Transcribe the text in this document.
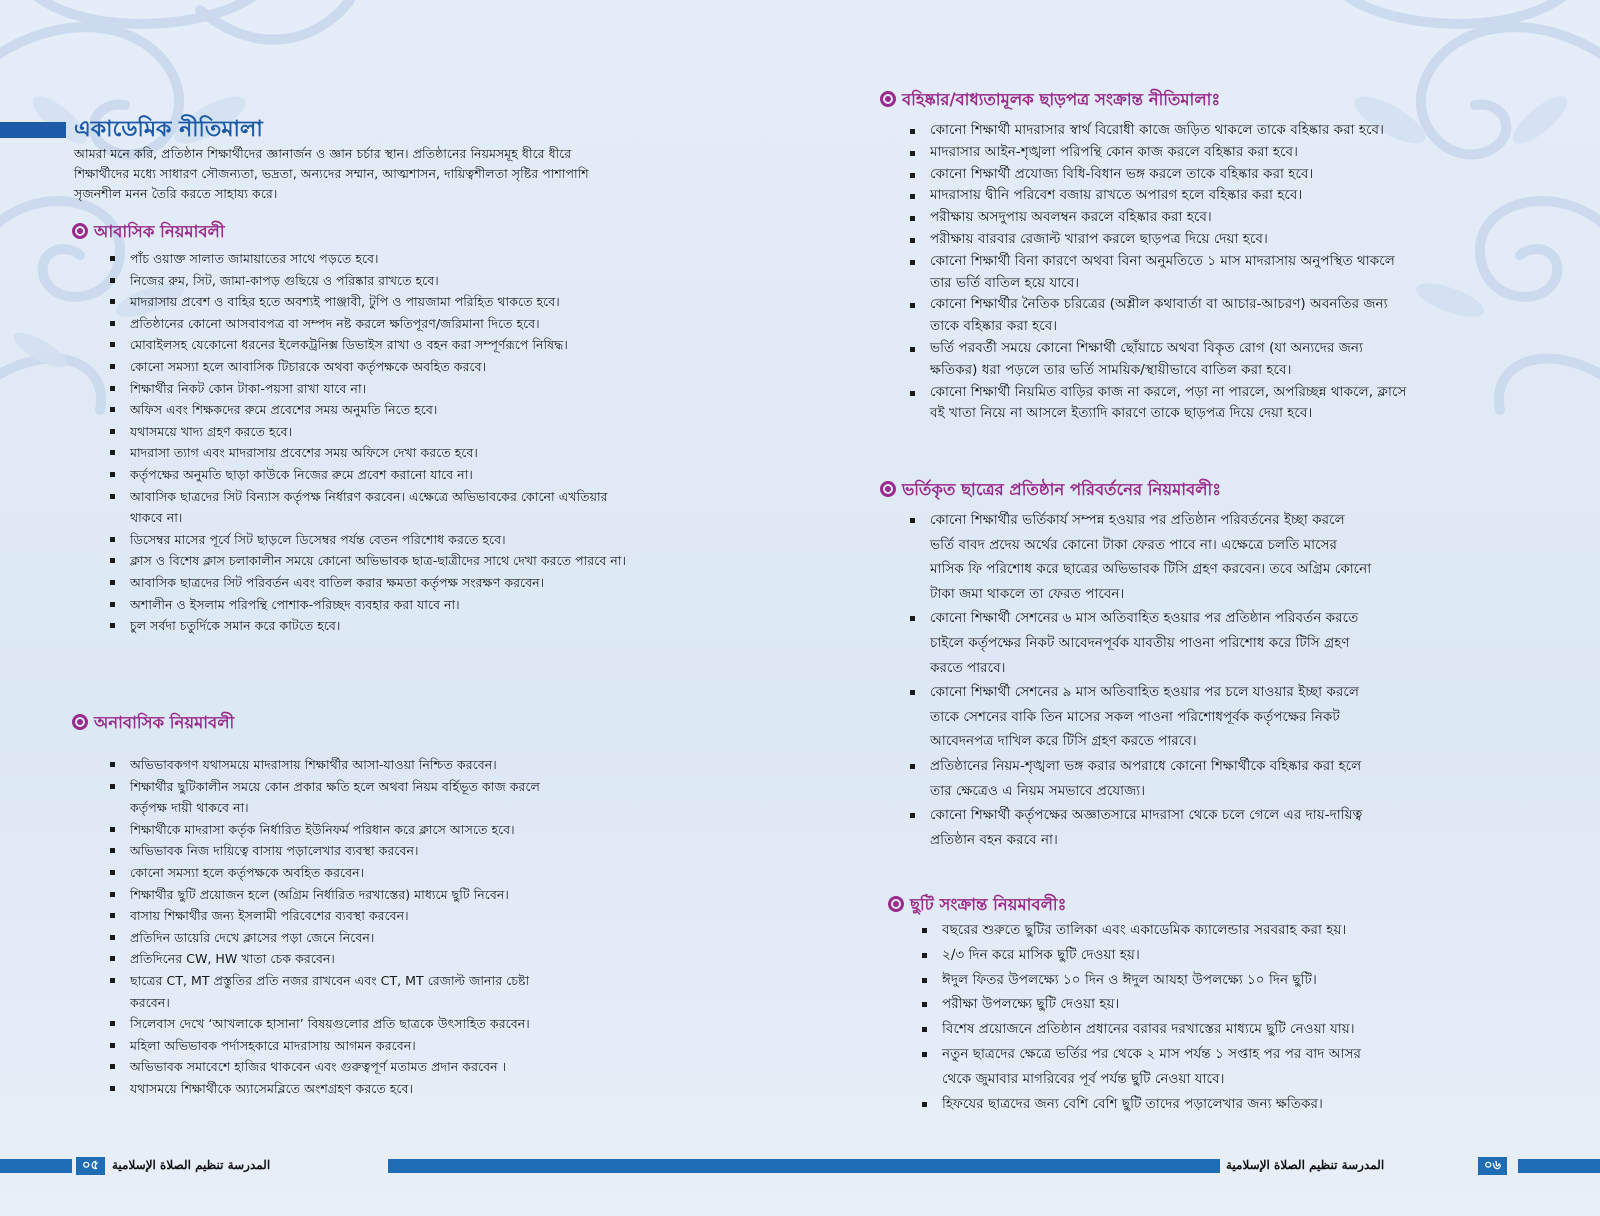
একাডেমিক নীতিমালা
আমরা মনে করি, প্রতিষ্ঠান শিক্ষার্থীদের জ্ঞানার্জন ও জ্ঞান চর্চার স্থান। প্রতিষ্ঠানের নিয়মসমূহ ধীরে ধীরে
শিক্ষার্থীদের মধ্যে সাধারণ সৌজন্যতা, ভদ্রতা, অন্যদের সম্মান, আত্মশাসন, দায়িত্বশীলতা সৃষ্টির পাশাপাশি
সৃজনশীল মনন তৈরি করতে সাহায্য করে।
আবাসিক নিয়মাবলী
পাঁচ ওয়াক্ত সালাত জামায়াতের সাথে পড়তে হবে।
নিজের রুম, সিট, জামা-কাপড় গুছিয়ে ও পরিষ্কার রাখতে হবে।
মাদরাসায় প্রবেশ ও বাহির হতে অবশ্যই পাঞ্জাবী, টুপি ও পায়জামা পরিহিত থাকতে হবে।
প্রতিষ্ঠানের কোনো আসবাবপত্র বা সম্পদ নষ্ট করলে ক্ষতিপূরণ/জরিমানা দিতে হবে।
মোবাইলসহ যেকোনো ধরনের ইলেকট্রনিক্স ডিভাইস রাখা ও বহন করা সম্পূর্ণরূপে নিষিদ্ধ।
কোনো সমস্যা হলে আবাসিক টিচারকে অথবা কর্তৃপক্ষকে অবহিত করবে।
শিক্ষার্থীর নিকট কোন টাকা-পয়সা রাখা যাবে না।
অফিস এবং শিক্ষকদের রুমে প্রবেশের সময় অনুমতি নিতে হবে।
যথাসময়ে খাদ্য গ্রহণ করতে হবে।
মাদরাসা ত্যাগ এবং মাদরাসায় প্রবেশের সময় অফিসে দেখা করতে হবে।
কর্তৃপক্ষের অনুমতি ছাড়া কাউকে নিজের রুমে প্রবেশ করানো যাবে না।
আবাসিক ছাত্রদের সিট বিন্যাস কর্তৃপক্ষ নির্ধারণ করবেন। এক্ষেত্রে অভিভাবকের কোনো এখতিয়ার
থাকবে না।
ডিসেম্বর মাসের পূর্বে সিট ছাড়লে ডিসেম্বর পর্যন্ত বেতন পরিশোধ করতে হবে।
ক্লাস ও বিশেষ ক্লাস চলাকালীন সময়ে কোনো অভিভাবক ছাত্র-ছাত্রীদের সাথে দেখা করতে পারবে না।
আবাসিক ছাত্রদের সিট পরিবর্তন এবং বাতিল করার ক্ষমতা কর্তৃপক্ষ সংরক্ষণ করবেন।
অশালীন ও ইসলাম পরিপন্থি পোশাক-পরিচ্ছদ ব্যবহার করা যাবে না।
চুল সর্বদা চতুর্দিকে সমান করে কাটতে হবে।
অনাবাসিক নিয়মাবলী
অভিভাবকগণ যথাসময়ে মাদরাসায় শিক্ষার্থীর আসা-যাওয়া নিশ্চিত করবেন।
শিক্ষার্থীর ছুটিকালীন সময়ে কোন প্রকার ক্ষতি হলে অথবা নিয়ম বর্হিভূত কাজ করলে
কর্তৃপক্ষ দায়ী থাকবে না।
শিক্ষার্থীকে মাদরাসা কর্তৃক নির্ধারিত ইউনিফর্ম পরিধান করে ক্লাসে আসতে হবে।
অভিভাবক নিজ দায়িত্বে বাসায় পড়ালেখার ব্যবস্থা করবেন।
কোনো সমস্যা হলে কর্তৃপক্ষকে অবহিত করবেন।
শিক্ষার্থীর ছুটি প্রয়োজন হলে (অগ্রিম নির্ধারিত দরখাস্তের) মাধ্যমে ছুটি নিবেন।
বাসায় শিক্ষার্থীর জন্য ইসলামী পরিবেশের ব্যবস্থা করবেন।
প্রতিদিন ডায়েরি দেখে ক্লাসের পড়া জেনে নিবেন।
প্রতিদিনের CW, HW খাতা চেক করবেন।
ছাত্রের CT, MT প্রস্তুতির প্রতি নজর রাখবেন এবং CT, MT রেজাল্ট জানার চেষ্টা
করবেন।
সিলেবাস দেখে ‘আখলাকে হাসানা’ বিষয়গুলোর প্রতি ছাত্রকে উৎসাহিত করবেন।
মহিলা অভিভাবক পর্দাসহকারে মাদরাসায় আগমন করবেন।
অভিভাবক সমাবেশে হাজির থাকবেন এবং গুরুত্বপূর্ণ মতামত প্রদান করবেন ।
যথাসময়ে শিক্ষার্থীকে অ্যাসেমব্লিতে অংশগ্রহণ করতে হবে।
০৫	المدرسة تنظيم الصلاة الإسلامية
বহিষ্কার/বাধ্যতামূলক ছাড়পত্র সংক্রান্ত নীতিমালাঃ
কোনো শিক্ষার্থী মাদরাসার স্বার্থ বিরোধী কাজে জড়িত থাকলে তাকে বহিষ্কার করা হবে।
মাদরাসার আইন-শৃঙ্খলা পরিপন্থি কোন কাজ করলে বহিষ্কার করা হবে।
কোনো শিক্ষার্থী প্রযোজ্য বিধি-বিধান ভঙ্গ করলে তাকে বহিষ্কার করা হবে।
মাদরাসায় দ্বীনি পরিবেশ বজায় রাখতে অপারগ হলে বহিষ্কার করা হবে।
পরীক্ষায় অসদুপায় অবলম্বন করলে বহিষ্কার করা হবে।
পরীক্ষায় বারবার রেজাল্ট খারাপ করলে ছাড়পত্র দিয়ে দেয়া হবে।
কোনো শিক্ষার্থী বিনা কারণে অথবা বিনা অনুমতিতে ১ মাস মাদরাসায় অনুপস্থিত থাকলে
তার ভর্তি বাতিল হয়ে যাবে।
কোনো শিক্ষার্থীর নৈতিক চরিত্রের (অশ্লীল কথাবার্তা বা আচার-আচরণ) অবনতির জন্য
তাকে বহিষ্কার করা হবে।
ভর্তি পরবর্তী সময়ে কোনো শিক্ষার্থী ছোঁয়াচে অথবা বিকৃত রোগ (যা অন্যদের জন্য
ক্ষতিকর) ধরা পড়লে তার ভর্তি সাময়িক/স্থায়ীভাবে বাতিল করা হবে।
কোনো শিক্ষার্থী নিয়মিত বাড়ির কাজ না করলে, পড়া না পারলে, অপরিচ্ছন্ন থাকলে, ক্লাসে
বই খাতা নিয়ে না আসলে ইত্যাদি কারণে তাকে ছাড়পত্র দিয়ে দেয়া হবে।
ভর্তিকৃত ছাত্রের প্রতিষ্ঠান পরিবর্তনের নিয়মাবলীঃ
কোনো শিক্ষার্থীর ভর্তিকার্য সম্পন্ন হওয়ার পর প্রতিষ্ঠান পরিবর্তনের ইচ্ছা করলে
ভর্তি বাবদ প্রদেয় অর্থের কোনো টাকা ফেরত পাবে না। এক্ষেত্রে চলতি মাসের
মাসিক ফি পরিশোধ করে ছাত্রের অভিভাবক টিসি গ্রহণ করবেন। তবে অগ্রিম কোনো
টাকা জমা থাকলে তা ফেরত পাবেন।
কোনো শিক্ষার্থী সেশনের ৬ মাস অতিবাহিত হওয়ার পর প্রতিষ্ঠান পরিবর্তন করতে
চাইলে কর্তৃপক্ষের নিকট আবেদনপূর্বক যাবতীয় পাওনা পরিশোধ করে টিসি গ্রহণ
করতে পারবে।
কোনো শিক্ষার্থী সেশনের ৯ মাস অতিবাহিত হওয়ার পর চলে যাওয়ার ইচ্ছা করলে
তাকে সেশনের বাকি তিন মাসের সকল পাওনা পরিশোধপূর্বক কর্তৃপক্ষের নিকট
আবেদনপত্র দাখিল করে টিসি গ্রহণ করতে পারবে।
প্রতিষ্ঠানের নিয়ম-শৃঙ্খলা ভঙ্গ করার অপরাধে কোনো শিক্ষার্থীকে বহিষ্কার করা হলে
তার ক্ষেত্রেও এ নিয়ম সমভাবে প্রযোজ্য।
কোনো শিক্ষার্থী কর্তৃপক্ষের অজ্ঞাতসারে মাদরাসা থেকে চলে গেলে এর দায়-দায়িত্ব
প্রতিষ্ঠান বহন করবে না।
ছুটি সংক্রান্ত নিয়মাবলীঃ
বছরের শুরুতে ছুটির তালিকা এবং একাডেমিক ক্যালেন্ডার সরবরাহ করা হয়।
২/৩ দিন করে মাসিক ছুটি দেওয়া হয়।
ঈদুল ফিতর উপলক্ষ্যে ১০ দিন ও ঈদুল আযহা উপলক্ষ্যে ১০ দিন ছুটি।
পরীক্ষা উপলক্ষ্যে ছুটি দেওয়া হয়।
বিশেষ প্রয়োজনে প্রতিষ্ঠান প্রধানের বরাবর দরখাস্তের মাধ্যমে ছুটি নেওয়া যায়।
নতুন ছাত্রদের ক্ষেত্রে ভর্তির পর থেকে ২ মাস পর্যন্ত ১ সপ্তাহ পর পর বাদ আসর
থেকে জুমাবার মাগরিবের পূর্ব পর্যন্ত ছুটি নেওয়া যাবে।
হিফযের ছাত্রদের জন্য বেশি বেশি ছুটি তাদের পড়ালেখার জন্য ক্ষতিকর।
المدرسة تنظيم الصلاة الإسلامية	০৬
